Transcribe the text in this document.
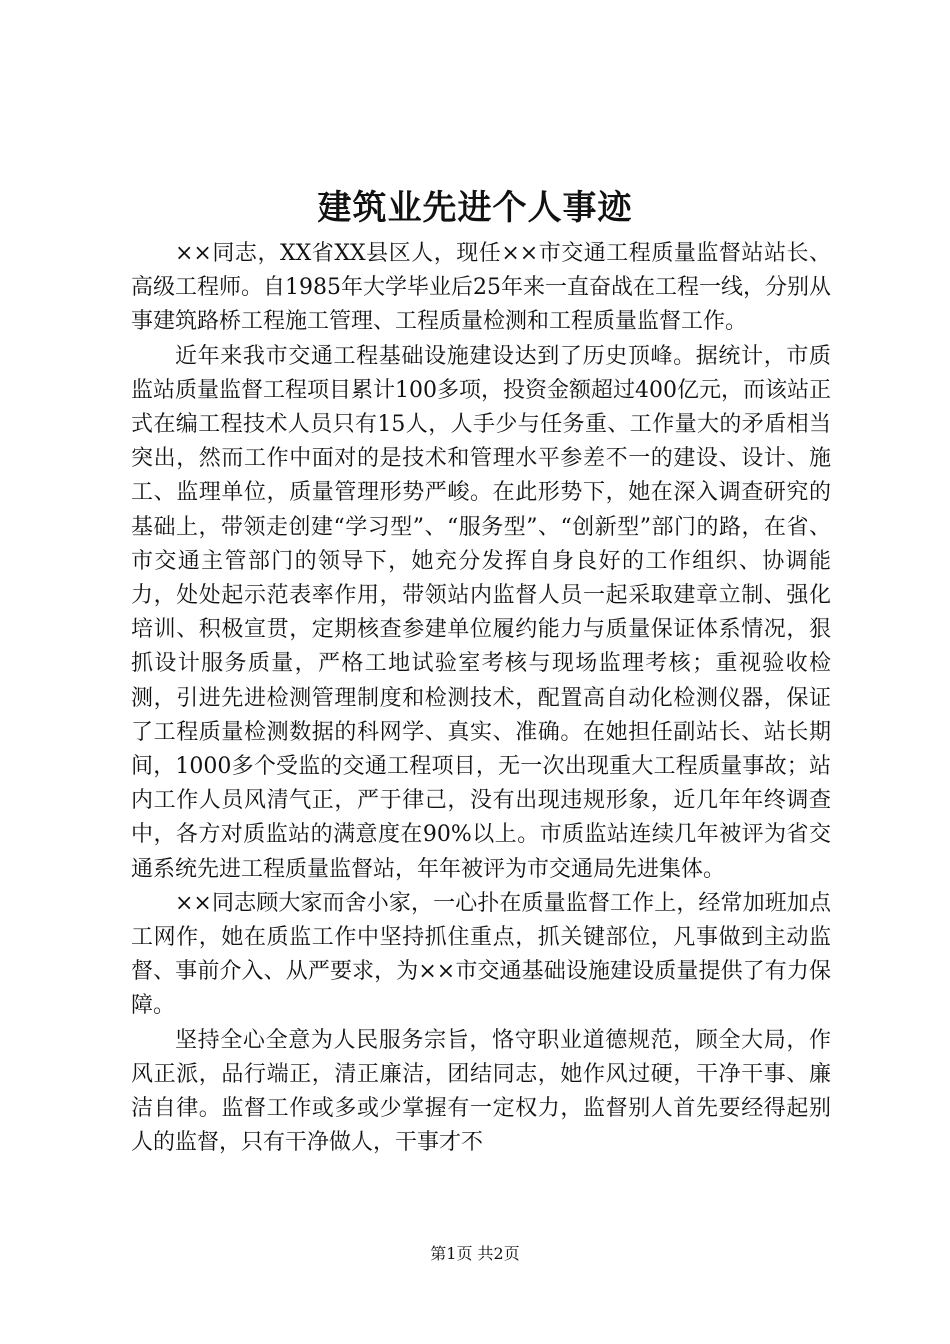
建筑业先进个人事迹

××同志，XX省XX县区人，现任××市交通工程质量监督站站长、高级工程师。自1985年大学毕业后25年来一直奋战在工程一线，分别从事建筑路桥工程施工管理、工程质量检测和工程质量监督工作。

近年来我市交通工程基础设施建设达到了历史顶峰。据统计，市质监站质量监督工程项目累计100多项，投资金额超过400亿元，而该站正式在编工程技术人员只有15人，人手少与任务重、工作量大的矛盾相当突出，然而工作中面对的是技术和管理水平参差不一的建设、设计、施工、监理单位，质量管理形势严峻。在此形势下，她在深入调查研究的基础上，带领走创建“学习型”、“服务型”、“创新型”部门的路，在省、市交通主管部门的领导下，她充分发挥自身良好的工作组织、协调能力，处处起示范表率作用，带领站内监督人员一起采取建章立制、强化培训、积极宣贯，定期核查参建单位履约能力与质量保证体系情况，狠抓设计服务质量，严格工地试验室考核与现场监理考核；重视验收检测，引进先进检测管理制度和检测技术，配置高自动化检测仪器，保证了工程质量检测数据的科网学、真实、准确。在她担任副站长、站长期间，1000多个受监的交通工程项目，无一次出现重大工程质量事故；站内工作人员风清气正，严于律己，没有出现违规形象，近几年年终调查中，各方对质监站的满意度在90%以上。市质监站连续几年被评为省交通系统先进工程质量监督站，年年被评为市交通局先进集体。

××同志顾大家而舍小家，一心扑在质量监督工作上，经常加班加点工网作，她在质监工作中坚持抓住重点，抓关键部位，凡事做到主动监督、事前介入、从严要求，为××市交通基础设施建设质量提供了有力保障。

坚持全心全意为人民服务宗旨，恪守职业道德规范，顾全大局，作风正派，品行端正，清正廉洁，团结同志，她作风过硬，干净干事、廉洁自律。监督工作或多或少掌握有一定权力，监督别人首先要经得起别人的监督，只有干净做人，干事才不

第1页 共2页
